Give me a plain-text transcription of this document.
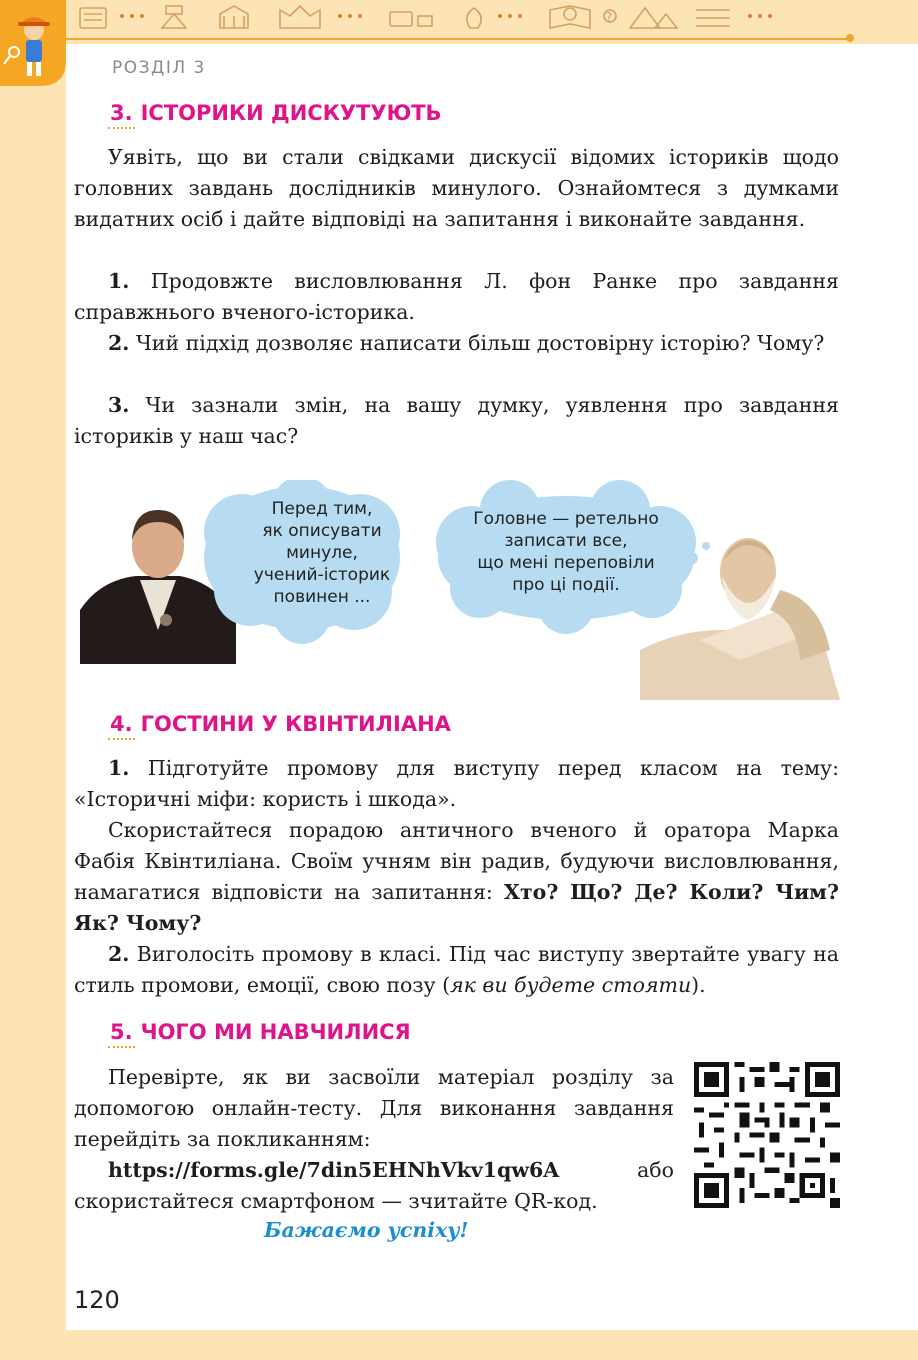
?
РОЗДІЛ 3
3. ІСТОРИКИ ДИСКУТУЮТЬ
Уявіть, що ви стали свідками дискусії відомих істориків щодо головних завдань дослідників минулого. Ознайомтеся з думками видатних осіб і дайте відповіді на запитання і виконайте завдання.
1. Продовжте висловлювання Л. фон Ранке про завдання справжнього вченого-історика.
2. Чий підхід дозволяє написати більш достовірну історію? Чому?
3. Чи зазнали змін, на вашу думку, уявлення про завдання істориків у наш час?
Перед тим,
як описувати
минуле,
учений-історик
повинен ...
Головне — ретельно
записати все,
що мені переповіли
про ці події.
4. ГОСТИНИ У КВІНТИЛІАНА
1. Підготуйте промову для виступу перед класом на тему: «Історичні міфи: користь і шкода».
Скористайтеся порадою античного вченого й оратора Марка Фабія Квінтиліана. Своїм учням він радив, будуючи висловлювання, намагатися відповісти на запитання: Хто? Що? Де? Коли? Чим? Як? Чому?
2. Виголосіть промову в класі. Під час виступу звертайте увагу на стиль промови, емоції, свою позу (як ви будете стояти).
5. ЧОГО МИ НАВЧИЛИСЯ
Перевірте, як ви засвоїли матеріал розділу за допомогою онлайн-тесту. Для виконання завдання перейдіть за покликанням:
https://forms.gle/7din5EHNhVkv1qw6A або скористайтеся смартфоном — зчитайте QR-код.
Бажаємо успіху!
120
